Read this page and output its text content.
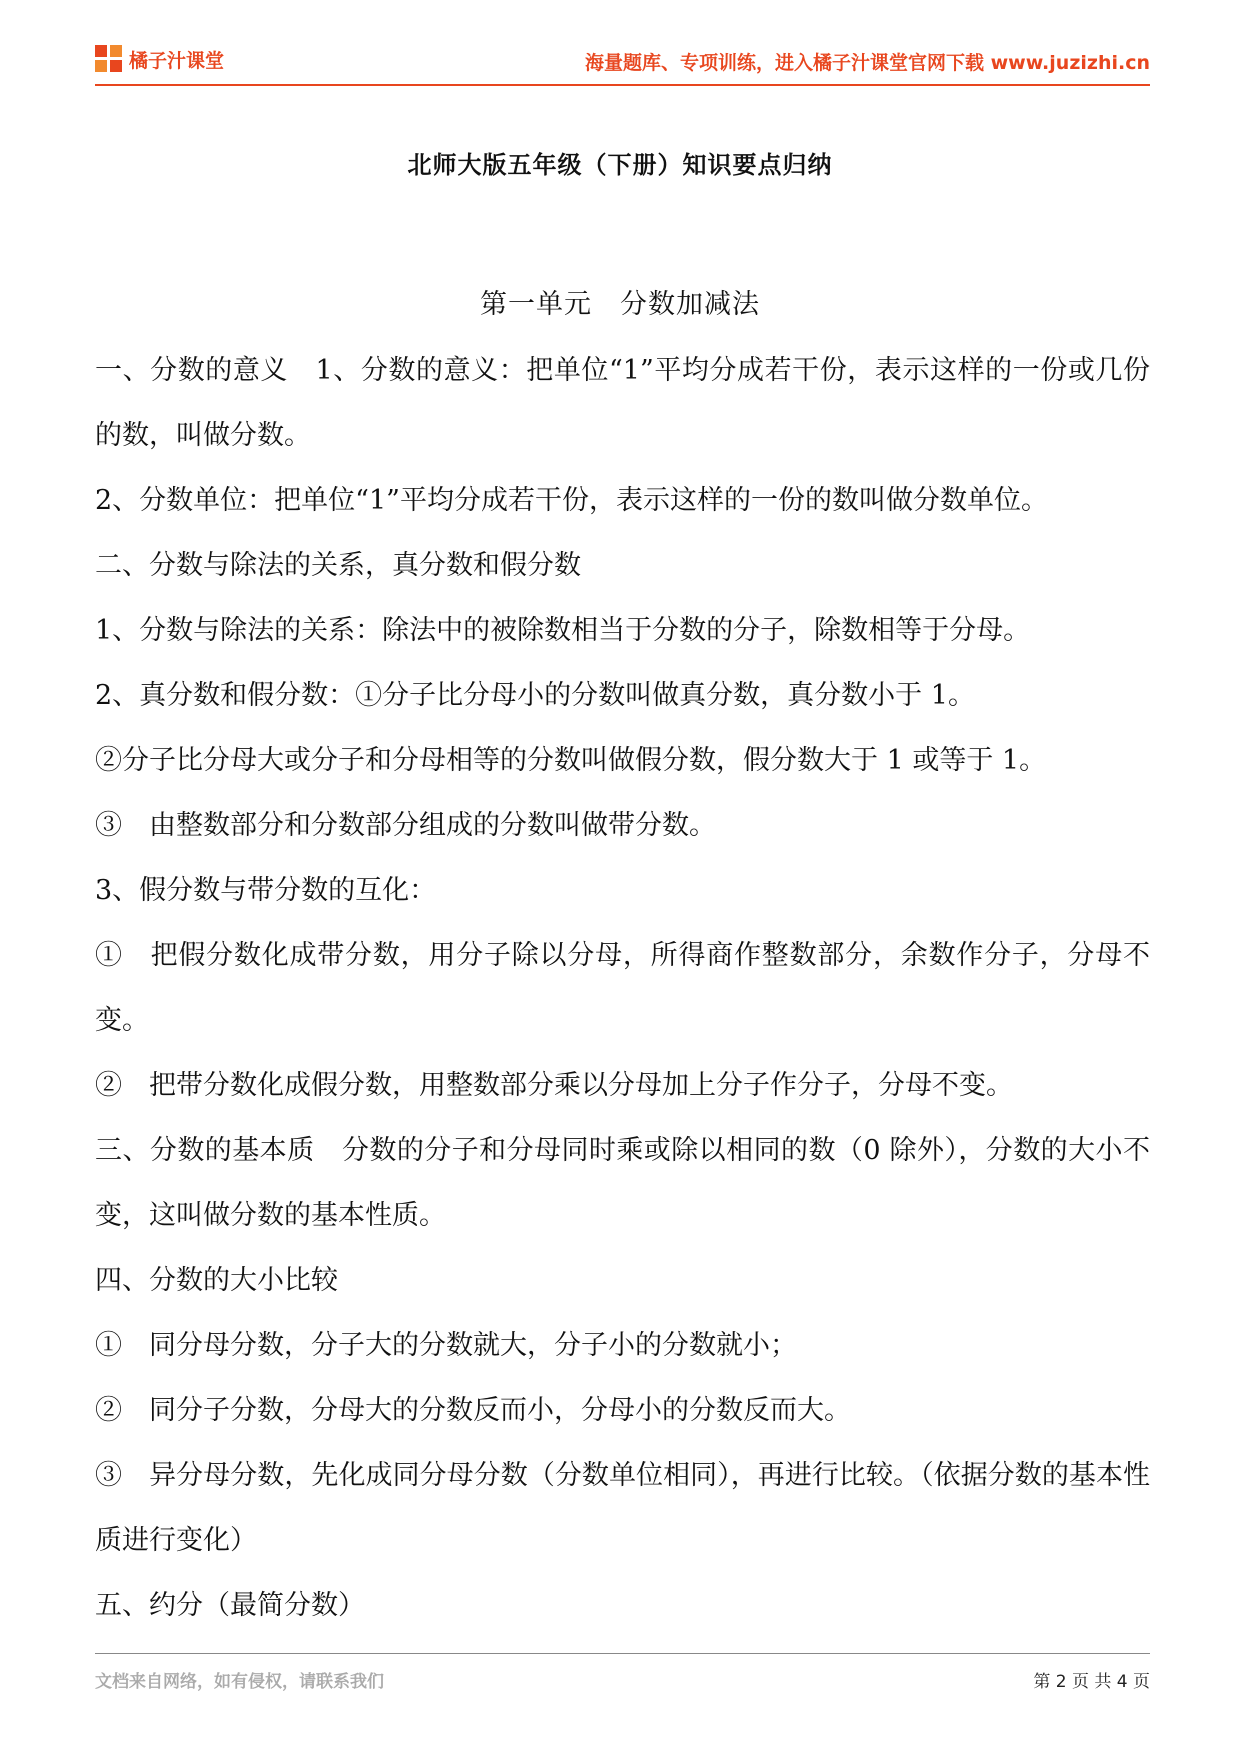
橘子汁课堂	海量题库、专项训练，进入橘子汁课堂官网下载 www.juzizhi.cn
北师大版五年级（下册）知识要点归纳
第一单元　分数加减法

一、分数的意义　1、分数的意义：把单位“1”平均分成若干份，表示这样的一份或几份的数，叫做分数。

2、分数单位：把单位“1”平均分成若干份，表示这样的一份的数叫做分数单位。

二、分数与除法的关系，真分数和假分数

1、分数与除法的关系：除法中的被除数相当于分数的分子，除数相等于分母。

2、真分数和假分数：①分子比分母小的分数叫做真分数，真分数小于 1。

②分子比分母大或分子和分母相等的分数叫做假分数，假分数大于 1 或等于 1。

③　由整数部分和分数部分组成的分数叫做带分数。

3、假分数与带分数的互化：

①　把假分数化成带分数，用分子除以分母，所得商作整数部分，余数作分子，分母不变。

②　把带分数化成假分数，用整数部分乘以分母加上分子作分子，分母不变。

三、分数的基本质　分数的分子和分母同时乘或除以相同的数（0 除外），分数的大小不变，这叫做分数的基本性质。

四、分数的大小比较

①　同分母分数，分子大的分数就大，分子小的分数就小；

②　同分子分数，分母大的分数反而小，分母小的分数反而大。

③　异分母分数，先化成同分母分数（分数单位相同），再进行比较。（依据分数的基本性质进行变化）

五、约分（最简分数）

文档来自网络，如有侵权，请联系我们	第 2 页 共 4 页
